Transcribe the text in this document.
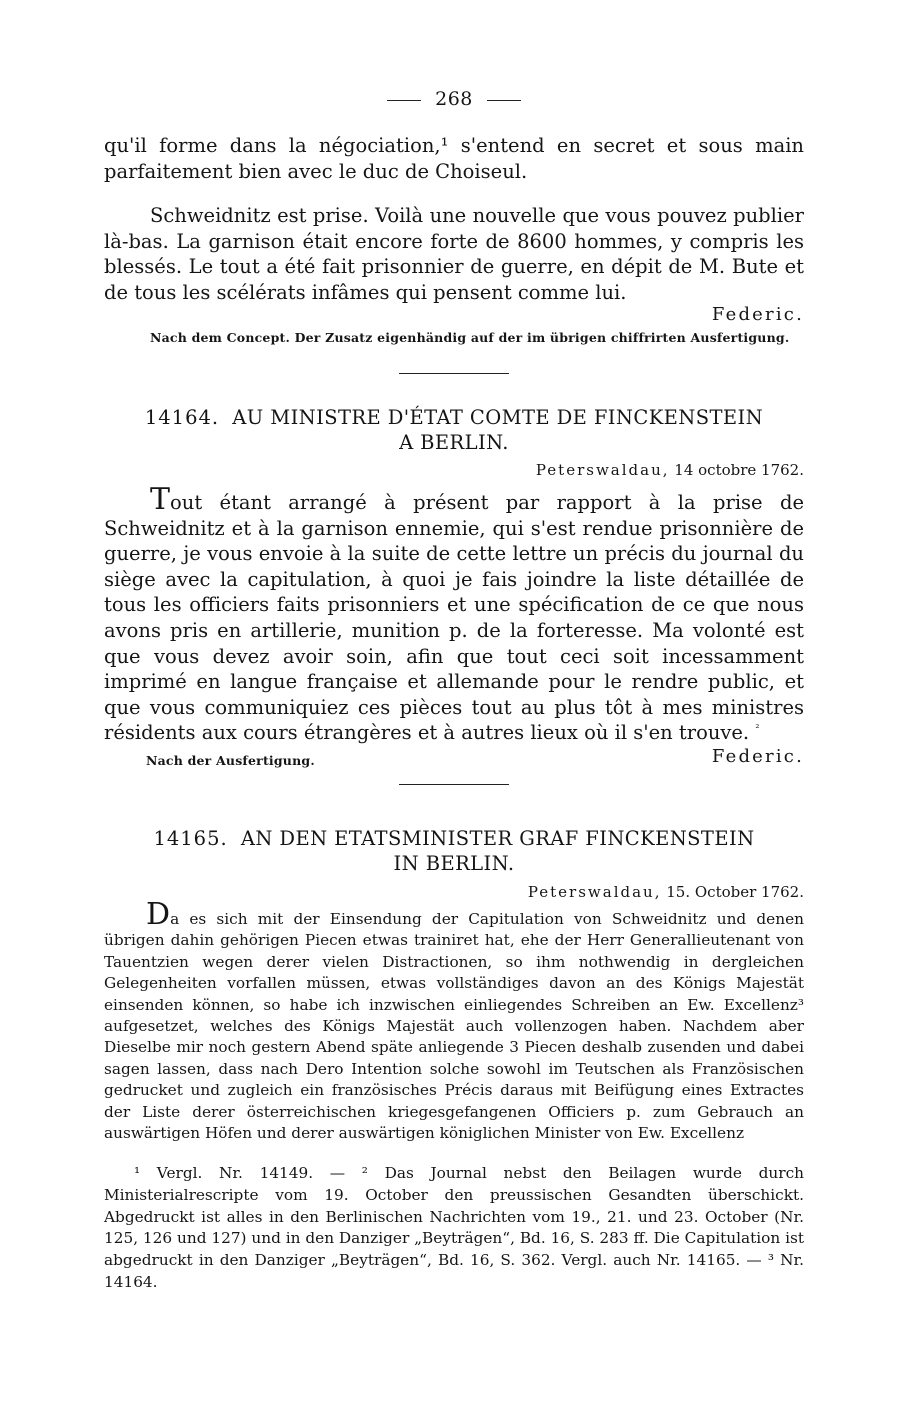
268

qu'il forme dans la négociation,¹ s'entend en secret et sous main parfaitement bien avec le duc de Choiseul.

Schweidnitz est prise. Voilà une nouvelle que vous pouvez publier là-bas. La garnison était encore forte de 8600 hommes, y compris les blessés. Le tout a été fait prisonnier de guerre, en dépit de M. Bute et de tous les scélérats infâmes qui pensent comme lui.

Federic.
Nach dem Concept. Der Zusatz eigenhändig auf der im übrigen chiffrirten Ausfertigung.
14164. AU MINISTRE D'ÉTAT COMTE DE FINCKENSTEIN
A BERLIN.
Peterswaldau, 14 octobre 1762.

Tout étant arrangé à présent par rapport à la prise de Schweidnitz et à la garnison ennemie, qui s'est rendue prisonnière de guerre, je vous envoie à la suite de cette lettre un précis du journal du siège avec la capitulation, à quoi je fais joindre la liste détaillée de tous les officiers faits prisonniers et une spécification de ce que nous avons pris en artillerie, munition p. de la forteresse. Ma volonté est que vous devez avoir soin, afin que tout ceci soit incessamment imprimé en langue française et allemande pour le rendre public, et que vous communiquiez ces pièces tout au plus tôt à mes ministres résidents aux cours étrangères et à autres lieux où il s'en trouve. $^{^2}$

Nach der Ausfertigung.	Federic.
14165. AN DEN ETATSMINISTER GRAF FINCKENSTEIN
IN BERLIN.
Peterswaldau, 15. October 1762.

Da es sich mit der Einsendung der Capitulation von Schweidnitz und denen übrigen dahin gehörigen Piecen etwas trainiret hat, ehe der Herr Generallieutenant von Tauentzien wegen derer vielen Distractionen, so ihm nothwendig in dergleichen Gelegenheiten vorfallen müssen, etwas vollständiges davon an des Königs Majestät einsenden können, so habe ich inzwischen einliegendes Schreiben an Ew. Excellenz³ aufgesetzet, welches des Königs Majestät auch vollenzogen haben. Nachdem aber Dieselbe mir noch gestern Abend späte anliegende 3 Piecen deshalb zusenden und dabei sagen lassen, dass nach Dero Intention solche sowohl im Teutschen als Französischen gedrucket und zugleich ein französisches Précis daraus mit Beifügung eines Extractes der Liste derer österreichischen kriegesgefangenen Officiers p. zum Gebrauch an auswärtigen Höfen und derer auswärtigen königlichen Minister von Ew. Excellenz

¹ Vergl. Nr. 14149. — ² Das Journal nebst den Beilagen wurde durch Ministerialrescripte vom 19. October den preussischen Gesandten überschickt. Abgedruckt ist alles in den Berlinischen Nachrichten vom 19., 21. und 23. October (Nr. 125, 126 und 127) und in den Danziger „Beyträgen“, Bd. 16, S. 283 ff. Die Capitulation ist abgedruckt in den Danziger „Beyträgen“, Bd. 16, S. 362. Vergl. auch Nr. 14165. — ³ Nr. 14164.
